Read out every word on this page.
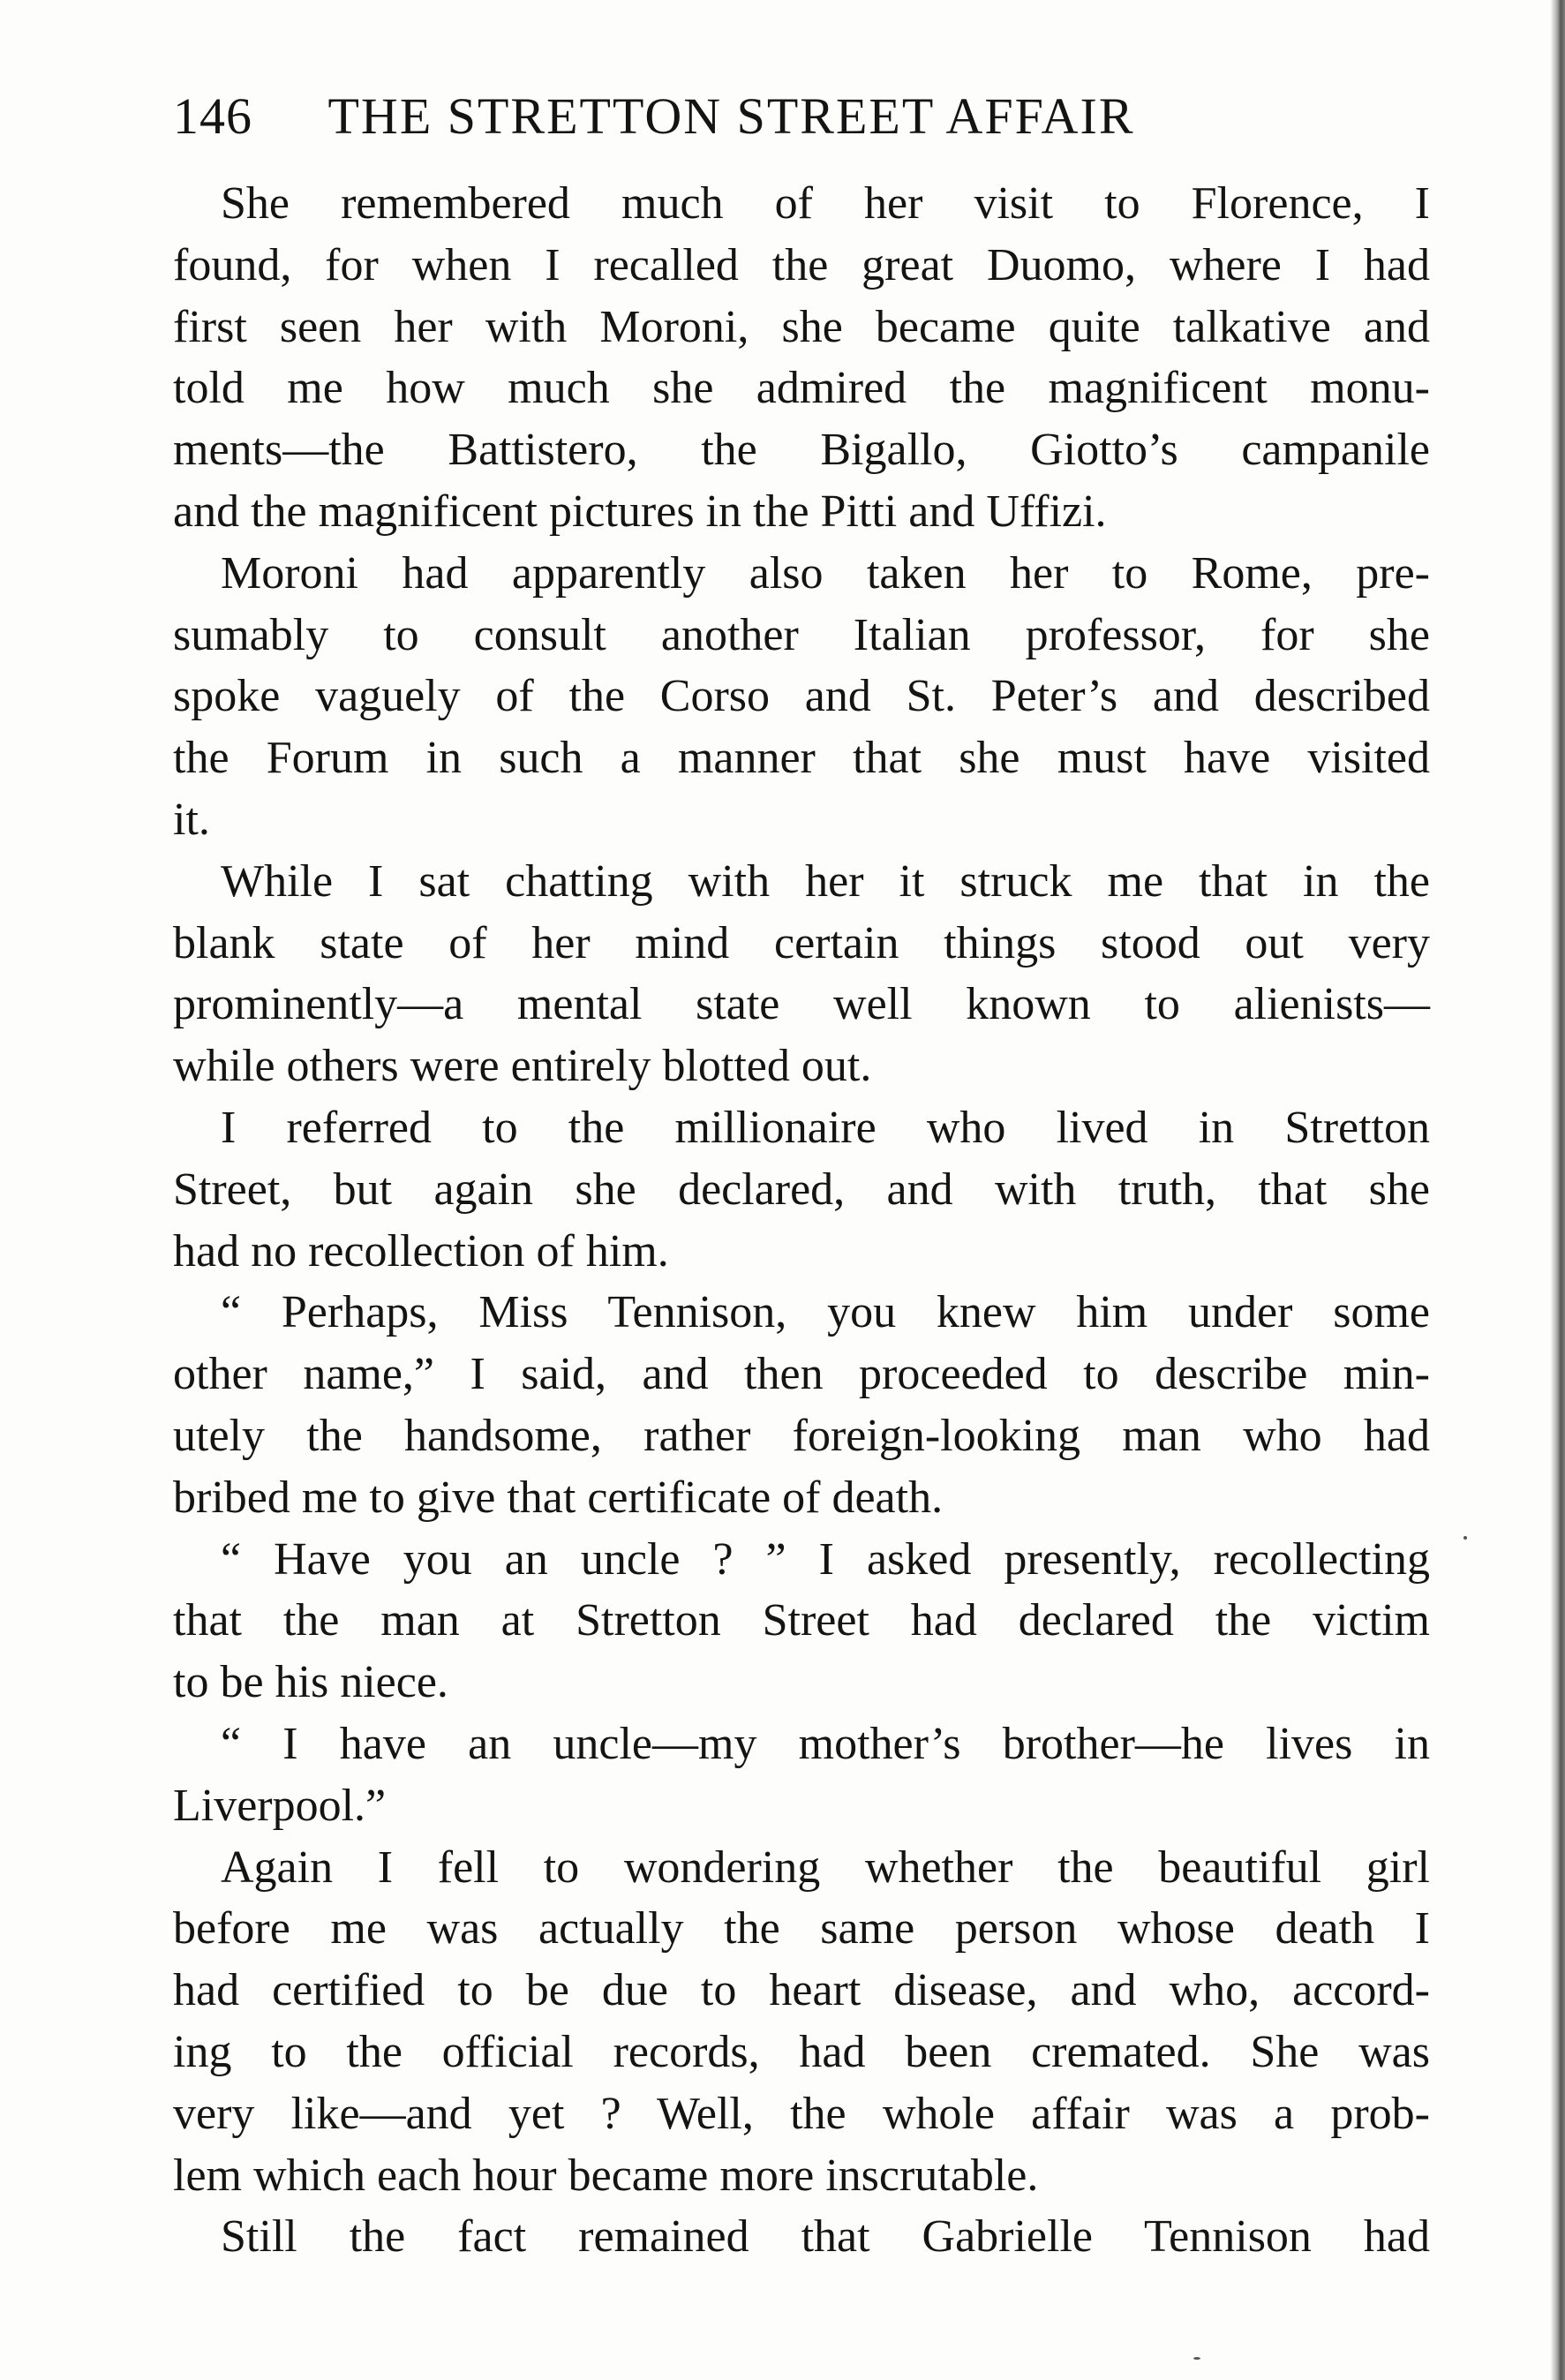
146 THE STRETTON STREET AFFAIR
She remembered much of her visit to Florence, I
found, for when I recalled the great Duomo, where I had
first seen her with Moroni, she became quite talkative and
told me how much she admired the magnificent monu-
ments—the Battistero, the Bigallo, Giotto’s campanile
and the magnificent pictures in the Pitti and Uffizi.
Moroni had apparently also taken her to Rome, pre-
sumably to consult another Italian professor, for she
spoke vaguely of the Corso and St. Peter’s and described
the Forum in such a manner that she must have visited
it.
While I sat chatting with her it struck me that in the
blank state of her mind certain things stood out very
prominently—a mental state well known to alienists—
while others were entirely blotted out.
I referred to the millionaire who lived in Stretton
Street, but again she declared, and with truth, that she
had no recollection of him.
“ Perhaps, Miss Tennison, you knew him under some
other name,” I said, and then proceeded to describe min-
utely the handsome, rather foreign-looking man who had
bribed me to give that certificate of death.
“ Have you an uncle ? ” I asked presently, recollecting
that the man at Stretton Street had declared the victim
to be his niece.
“ I have an uncle—my mother’s brother—he lives in
Liverpool.”
Again I fell to wondering whether the beautiful girl
before me was actually the same person whose death I
had certified to be due to heart disease, and who, accord-
ing to the official records, had been cremated. She was
very like—and yet ? Well, the whole affair was a prob-
lem which each hour became more inscrutable.
Still the fact remained that Gabrielle Tennison had
